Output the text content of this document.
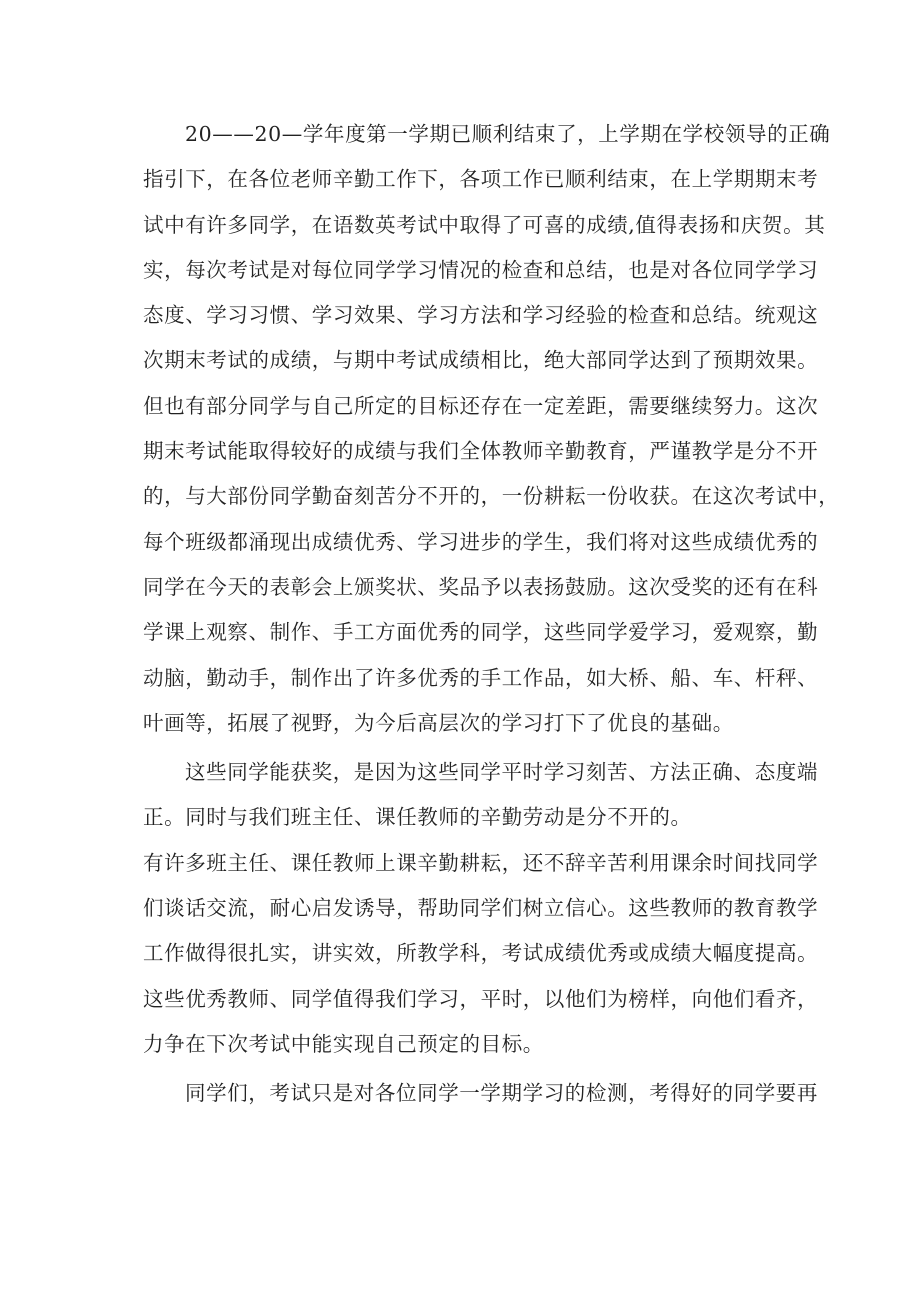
20——20—学年度第一学期已顺利结束了，上学期在学校领导的正确
指引下，在各位老师辛勤工作下，各项工作已顺利结束，在上学期期末考
试中有许多同学，在语数英考试中取得了可喜的成绩,值得表扬和庆贺。其
实，每次考试是对每位同学学习情况的检查和总结，也是对各位同学学习
态度、学习习惯、学习效果、学习方法和学习经验的检查和总结。统观这
次期末考试的成绩，与期中考试成绩相比，绝大部同学达到了预期效果。
但也有部分同学与自己所定的目标还存在一定差距，需要继续努力。这次
期末考试能取得较好的成绩与我们全体教师辛勤教育，严谨教学是分不开
的，与大部份同学勤奋刻苦分不开的，一份耕耘一份收获。在这次考试中，
每个班级都涌现出成绩优秀、学习进步的学生，我们将对这些成绩优秀的
同学在今天的表彰会上颁奖状、奖品予以表扬鼓励。这次受奖的还有在科
学课上观察、制作、手工方面优秀的同学，这些同学爱学习，爱观察，勤
动脑，勤动手，制作出了许多优秀的手工作品，如大桥、船、车、杆秤、
叶画等，拓展了视野，为今后高层次的学习打下了优良的基础。
这些同学能获奖，是因为这些同学平时学习刻苦、方法正确、态度端
正。同时与我们班主任、课任教师的辛勤劳动是分不开的。
有许多班主任、课任教师上课辛勤耕耘，还不辞辛苦利用课余时间找同学
们谈话交流，耐心启发诱导，帮助同学们树立信心。这些教师的教育教学
工作做得很扎实，讲实效，所教学科，考试成绩优秀或成绩大幅度提高。
这些优秀教师、同学值得我们学习，平时，以他们为榜样，向他们看齐，
力争在下次考试中能实现自己预定的目标。
同学们，考试只是对各位同学一学期学习的检测，考得好的同学要再
